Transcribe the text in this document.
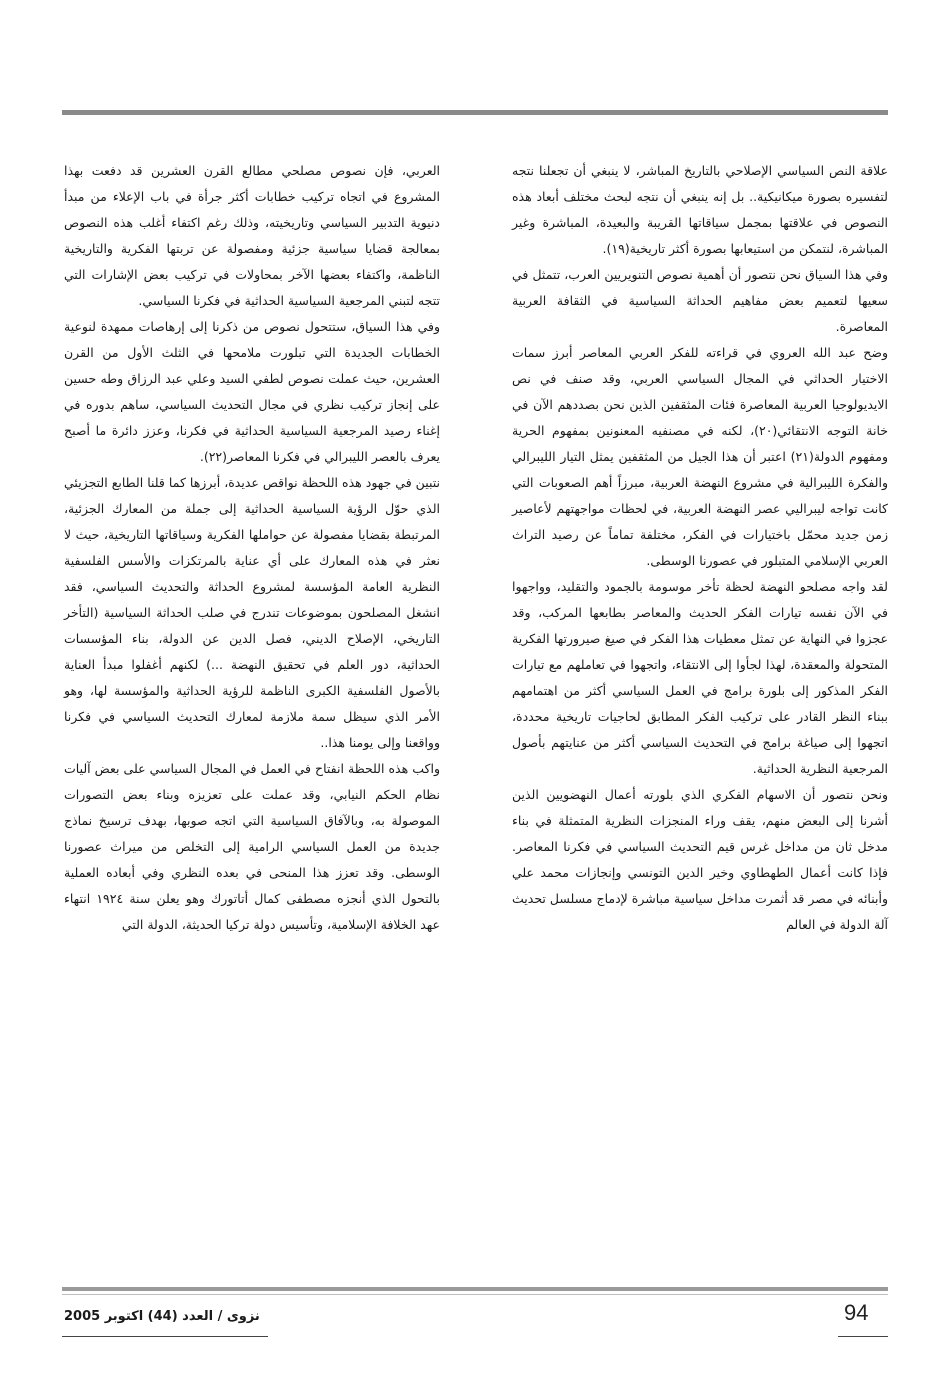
علاقة النص السياسي الإصلاحي بالتاريخ المباشر، لا ينبغي أن تجعلنا نتجه لتفسيره بصورة ميكانيكية.. بل إنه ينبغي أن نتجه لبحث مختلف أبعاد هذه النصوص في علاقتها بمجمل سياقاتها القريبة والبعيدة، المباشرة وغير المباشرة، لنتمكن من استيعابها بصورة أكثر تاريخية(١٩).

وفي هذا السياق نحن نتصور أن أهمية نصوص التنويريين العرب، تتمثل في سعيها لتعميم بعض مفاهيم الحداثة السياسية في الثقافة العربية المعاصرة.

وضح عبد الله العروي في قراءته للفكر العربي المعاصر أبرز سمات الاختيار الحداثي في المجال السياسي العربي، وقد صنف في نص الايديولوجيا العربية المعاصرة فئات المثقفين الذين نحن بصددهم الآن في خانة التوجه الانتقائي(٢٠)، لكنه في مصنفيه المعنونين بمفهوم الحرية ومفهوم الدولة(٢١) اعتبر أن هذا الجيل من المثقفين يمثل التيار الليبرالي والفكرة الليبرالية في مشروع النهضة العربية، مبرزاً أهم الصعوبات التي كانت تواجه ليبراليي عصر النهضة العربية، في لحظات مواجهتهم لأعاصير زمن جديد محمّل باختيارات في الفكر، مختلفة تماماً عن رصيد التراث العربي الإسلامي المتبلور في عصورنا الوسطى.

لقد واجه مصلحو النهضة لحظة تأخر موسومة بالجمود والتقليد، وواجهوا في الآن نفسه تيارات الفكر الحديث والمعاصر بطابعها المركب، وقد عجزوا في النهاية عن تمثل معطيات هذا الفكر في صيغ صيرورتها الفكرية المتحولة والمعقدة، لهذا لجأوا إلى الانتقاء، واتجهوا في تعاملهم مع تيارات الفكر المذكور إلى بلورة برامج في العمل السياسي أكثر من اهتمامهم ببناء النظر القادر على تركيب الفكر المطابق لحاجيات تاريخية محددة، اتجهوا إلى صياغة برامج في التحديث السياسي أكثر من عنايتهم بأصول المرجعية النظرية الحداثية.

ونحن نتصور أن الاسهام الفكري الذي بلورته أعمال النهضويين الذين أشرنا إلى البعض منهم، يقف وراء المنجزات النظرية المتمثلة في بناء مدخل ثان من مداخل غرس قيم التحديث السياسي في فكرنا المعاصر. فإذا كانت أعمال الطهطاوي وخير الدين التونسي وإنجازات محمد علي وأبنائه في مصر قد أثمرت مداخل سياسية مباشرة لإدماج مسلسل تحديث آلة الدولة في العالم

العربي، فإن نصوص مصلحي مطالع القرن العشرين قد دفعت بهذا المشروع في اتجاه تركيب خطابات أكثر جرأة في باب الإعلاء من مبدأ دنيوية التدبير السياسي وتاريخيته، وذلك رغم اكتفاء أغلب هذه النصوص بمعالجة قضايا سياسية جزئية ومفصولة عن تربتها الفكرية والتاريخية الناظمة، واكتفاء بعضها الآخر بمحاولات في تركيب بعض الإشارات التي تتجه لتبني المرجعية السياسية الحداثية في فكرنا السياسي.

وفي هذا السياق، ستتحول نصوص من ذكرنا إلى إرهاصات ممهدة لنوعية الخطابات الجديدة التي تبلورت ملامحها في الثلث الأول من القرن العشرين، حيث عملت نصوص لطفي السيد وعلي عبد الرزاق وطه حسين على إنجاز تركيب نظري في مجال التحديث السياسي، ساهم بدوره في إغناء رصيد المرجعية السياسية الحداثية في فكرنا، وعزز دائرة ما أصبح يعرف بالعصر الليبرالي في فكرنا المعاصر(٢٢).

نتبين في جهود هذه اللحظة نواقص عديدة، أبرزها كما قلنا الطابع التجزيئي الذي حوّل الرؤية السياسية الحداثية إلى جملة من المعارك الجزئية، المرتبطة بقضايا مفصولة عن حواملها الفكرية وسياقاتها التاريخية، حيث لا نعثر في هذه المعارك على أي عناية بالمرتكزات والأسس الفلسفية النظرية العامة المؤسسة لمشروع الحداثة والتحديث السياسي، فقد انشغل المصلحون بموضوعات تندرج في صلب الحداثة السياسية (التأخر التاريخي، الإصلاح الديني، فصل الدين عن الدولة، بناء المؤسسات الحداثية، دور العلم في تحقيق النهضة ...) لكنهم أغفلوا مبدأ العناية بالأصول الفلسفية الكبرى الناظمة للرؤية الحداثية والمؤسسة لها، وهو الأمر الذي سيظل سمة ملازمة لمعارك التحديث السياسي في فكرنا وواقعنا وإلى يومنا هذا..

واكب هذه اللحظة انفتاح في العمل في المجال السياسي على بعض آليات نظام الحكم النيابي، وقد عملت على تعزيزه وبناء بعض التصورات الموصولة به، وبالآفاق السياسية التي اتجه صوبها، بهدف ترسيخ نماذج جديدة من العمل السياسي الرامية إلى التخلص من ميراث عصورنا الوسطى. وقد تعزز هذا المنحى في بعده النظري وفي أبعاده العملية بالتحول الذي أنجزه مصطفى كمال أتاتورك وهو يعلن سنة ١٩٢٤ انتهاء عهد الخلافة الإسلامية، وتأسيس دولة تركيا الحديثة، الدولة التي

94
نزوى / العدد (44) اكتوبر 2005
